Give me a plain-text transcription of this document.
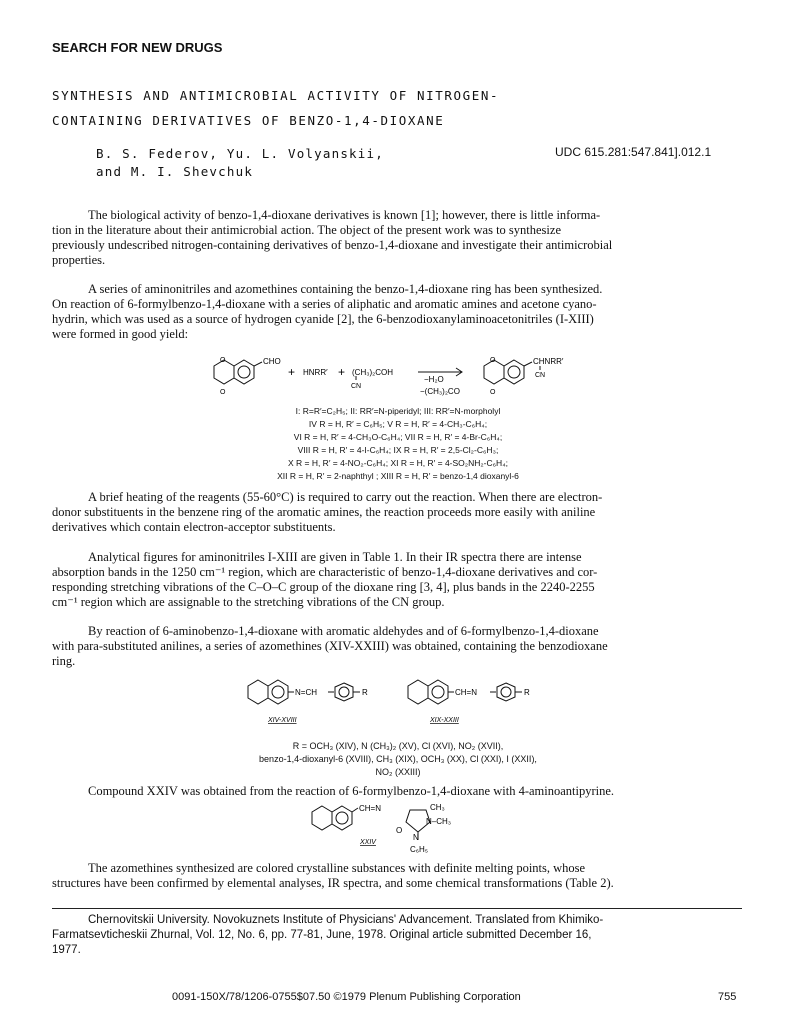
SEARCH FOR NEW DRUGS
SYNTHESIS AND ANTIMICROBIAL ACTIVITY OF NITROGEN-
CONTAINING DERIVATIVES OF BENZO-1,4-DIOXANE
B. S. Federov, Yu. L. Volyanskii,
and M. I. Shevchuk
UDC 615.281:547.841].012.1

The biological activity of benzo-1,4-dioxane derivatives is known [1]; however, there is little informa-
tion in the literature about their antimicrobial action. The object of the present work was to synthesize
previously undescribed nitrogen-containing derivatives of benzo-1,4-dioxane and investigate their antimicrobial
properties.

A series of aminonitriles and azomethines containing the benzo-1,4-dioxane ring has been synthesized.
On reaction of 6-formylbenzo-1,4-dioxane with a series of aliphatic and aromatic amines and acetone cyano-
hydrin, which was used as a source of hydrogen cyanide [2], the 6-benzodioxanylaminoacetonitriles (I-XIII)
were formed in good yield:

O
O
CHO
+ HNRR′ + (CH₃)₂COH
CN
−H₂O
−(CH₃)₂CO
O
O
CHNRR′
CN
I: R=R′=C₂H₅; II: RR′=N-piperidyl; III: RR′=N-morpholyl
IV R = H, R′ = C₆H₅; V R = H, R′ = 4-CH₃-C₆H₄;
VI R = H, R′ = 4-CH₃O-C₆H₄; VII R = H, R′ = 4-Br-C₆H₄;
VIII R = H, R′ = 4-I-C₆H₄; IX R = H, R′ = 2,5-Cl₂-C₆H₃;
X R = H, R′ = 4-NO₂-C₆H₄; XI R = H, R′ = 4-SO₂NH₂-C₆H₄;
XII R = H, R′ = 2-naphthyl ; XIII R = H, R′ = benzo-1,4 dioxanyl-6

A brief heating of the reagents (55-60°C) is required to carry out the reaction. When there are electron-
donor substituents in the benzene ring of the aromatic amines, the reaction proceeds more easily with aniline
derivatives which contain electron-acceptor substituents.

Analytical figures for aminonitriles I-XIII are given in Table 1. In their IR spectra there are intense
absorption bands in the 1250 cm⁻¹ region, which are characteristic of benzo-1,4-dioxane derivatives and cor-
responding stretching vibrations of the C–O–C group of the dioxane ring [3, 4], plus bands in the 2240-2255
cm⁻¹ region which are assignable to the stretching vibrations of the CN group.

By reaction of 6-aminobenzo-1,4-dioxane with aromatic aldehydes and of 6-formylbenzo-1,4-dioxane
with para-substituted anilines, a series of azomethines (XIV-XXIII) was obtained, containing the benzodioxane
ring.

N=CH	R
XIV-XVIII
CH=N	R
XIX-XXIII
R = OCH₃ (XIV), N (CH₃)₂ (XV), Cl (XVI), NO₂ (XVII),
benzo-1,4-dioxanyl-6 (XVIII), CH₃ (XIX), OCH₃ (XX), Cl (XXI), I (XXII),
NO₂ (XXIII)

Compound XXIV was obtained from the reaction of 6-formylbenzo-1,4-dioxane with 4-aminoantipyrine.

CH=N	CH₃
N–CH₃
O
N
C₆H₅
XXIV

The azomethines synthesized are colored crystalline substances with definite melting points, whose
structures have been confirmed by elemental analyses, IR spectra, and some chemical transformations (Table 2).

Chernovitskii University. Novokuznets Institute of Physicians' Advancement. Translated from Khimiko-
Farmatsevticheskii Zhurnal, Vol. 12, No. 6, pp. 77-81, June, 1978. Original article submitted December 16,
1977.
0091-150X/78/1206-0755$07.50 ©1979 Plenum Publishing Corporation	755
